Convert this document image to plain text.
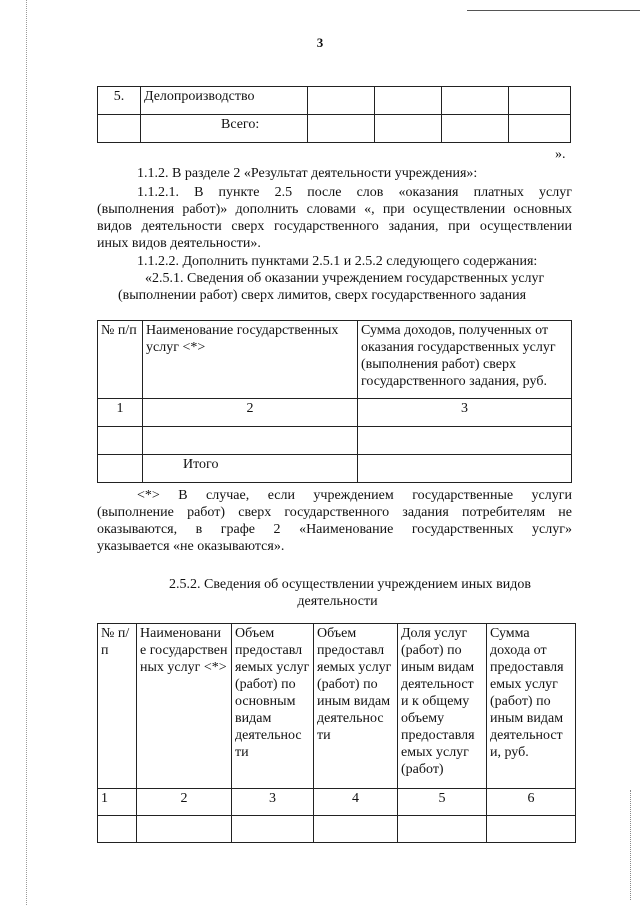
3
5.	Делопроизводство				
	Всего:				
».
1.1.2. В разделе 2 «Результат деятельности учреждения»:
1.1.2.1. В пункте 2.5 после слов «оказания платных услуг
(выполнения работ)» дополнить словами «, при осуществлении основных
видов деятельности сверх государственного задания, при осуществлении
иных видов деятельности».
1.1.2.2. Дополнить пунктами 2.5.1 и 2.5.2 следующего содержания:
«2.5.1. Сведения об оказании учреждением государственных услуг
(выполнении работ) сверх лимитов, сверх государственного задания
№ п/п	Наименование государственных услуг <*>	Сумма доходов, полученных от оказания государственных услуг (выполнения работ) сверх государственного задания, руб.
1	2	3

	Итого	
<*> В случае, если учреждением государственные услуги
(выполнение работ) сверх государственного задания потребителям не
оказываются, в графе 2 «Наименование государственных услуг»
указывается «не оказываются».
2.5.2. Сведения об осуществлении учреждением иных видов
деятельности
№ п/п	Наименовани е государствен ных услуг <*>	Объем предоставл яемых услуг (работ) по основным видам деятельнос ти	Объем предоставл яемых услуг (работ) по иным видам деятельнос ти	Доля услуг (работ) по иным видам деятельност и к общему объему предоставля емых услуг (работ)	Сумма дохода от предоставля емых услуг (работ) по иным видам деятельност и, руб.
1	2	3	4	5	6
